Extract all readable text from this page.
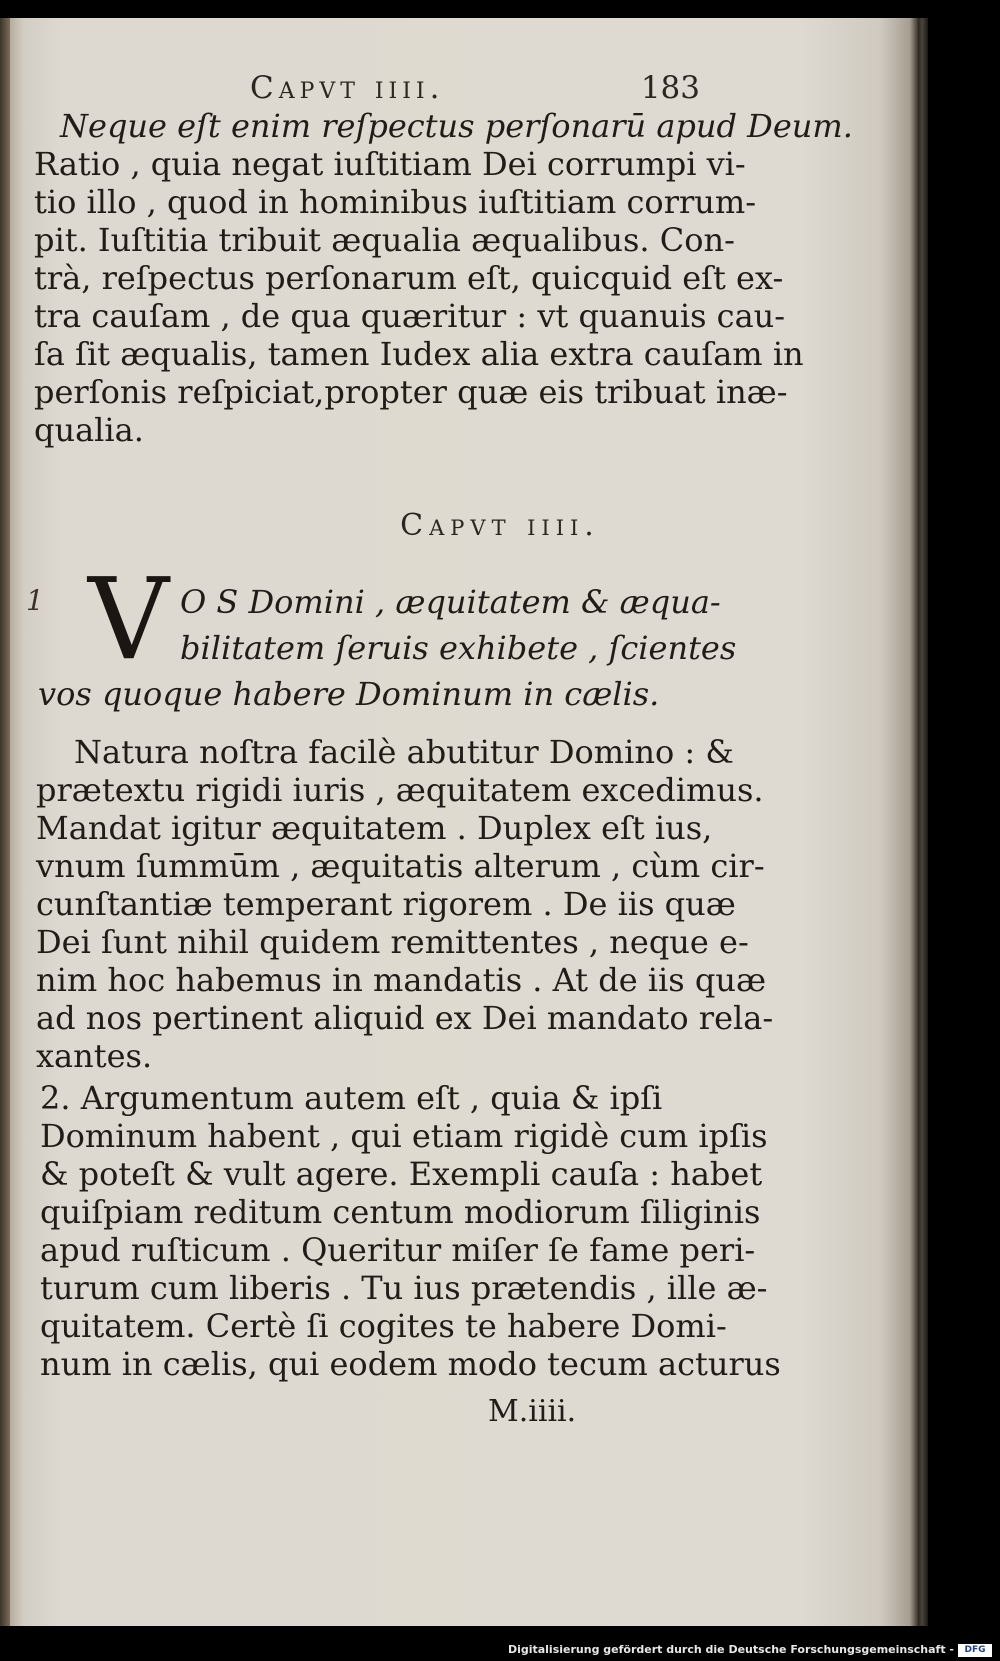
Capvt iiii.	183
Neque eſt enim reſpectus perſonarū apud Deum.
Ratio , quia negat iuſtitiam Dei corrumpi vi-
tio illo , quod in hominibus iuſtitiam corrum-
pit. Iuſtitia tribuit æqualia æqualibus. Con-
trà, reſpectus perſonarum eſt, quicquid eſt ex-
tra cauſam , de qua quæritur : vt quanuis cau-
ſa ſit æqualis, tamen Iudex alia extra cauſam in
perſonis reſpiciat,propter quæ eis tribuat inæ-
qualia.
Capvt iiii.
1 V O S Domini , æquitatem & æqua-
bilitatem ſeruis exhibete , ſcientes
vos quoque habere Dominum in cælis.
Natura noſtra facilè abutitur Domino : &
prætextu rigidi iuris , æquitatem excedimus.
Mandat igitur æquitatem . Duplex eſt ius,
vnum ſummūm , æquitatis alterum , cùm cir-
cunſtantiæ temperant rigorem . De iis quæ
Dei ſunt nihil quidem remittentes , neque e-
nim hoc habemus in mandatis . At de iis quæ
ad nos pertinent aliquid ex Dei mandato rela-
xantes.
2. Argumentum autem eſt , quia & ipſi
Dominum habent , qui etiam rigidè cum ipſis
& poteſt & vult agere. Exempli cauſa : habet
quiſpiam reditum centum modiorum ſiliginis
apud ruſticum . Queritur miſer ſe fame peri-
turum cum liberis . Tu ius prætendis , ille æ-
quitatem. Certè ſi cogites te habere Domi-
num in cælis, qui eodem modo tecum acturus
M.iiii.
Digitalisierung gefördert durch die Deutsche Forschungsgemeinschaft -	DFG
